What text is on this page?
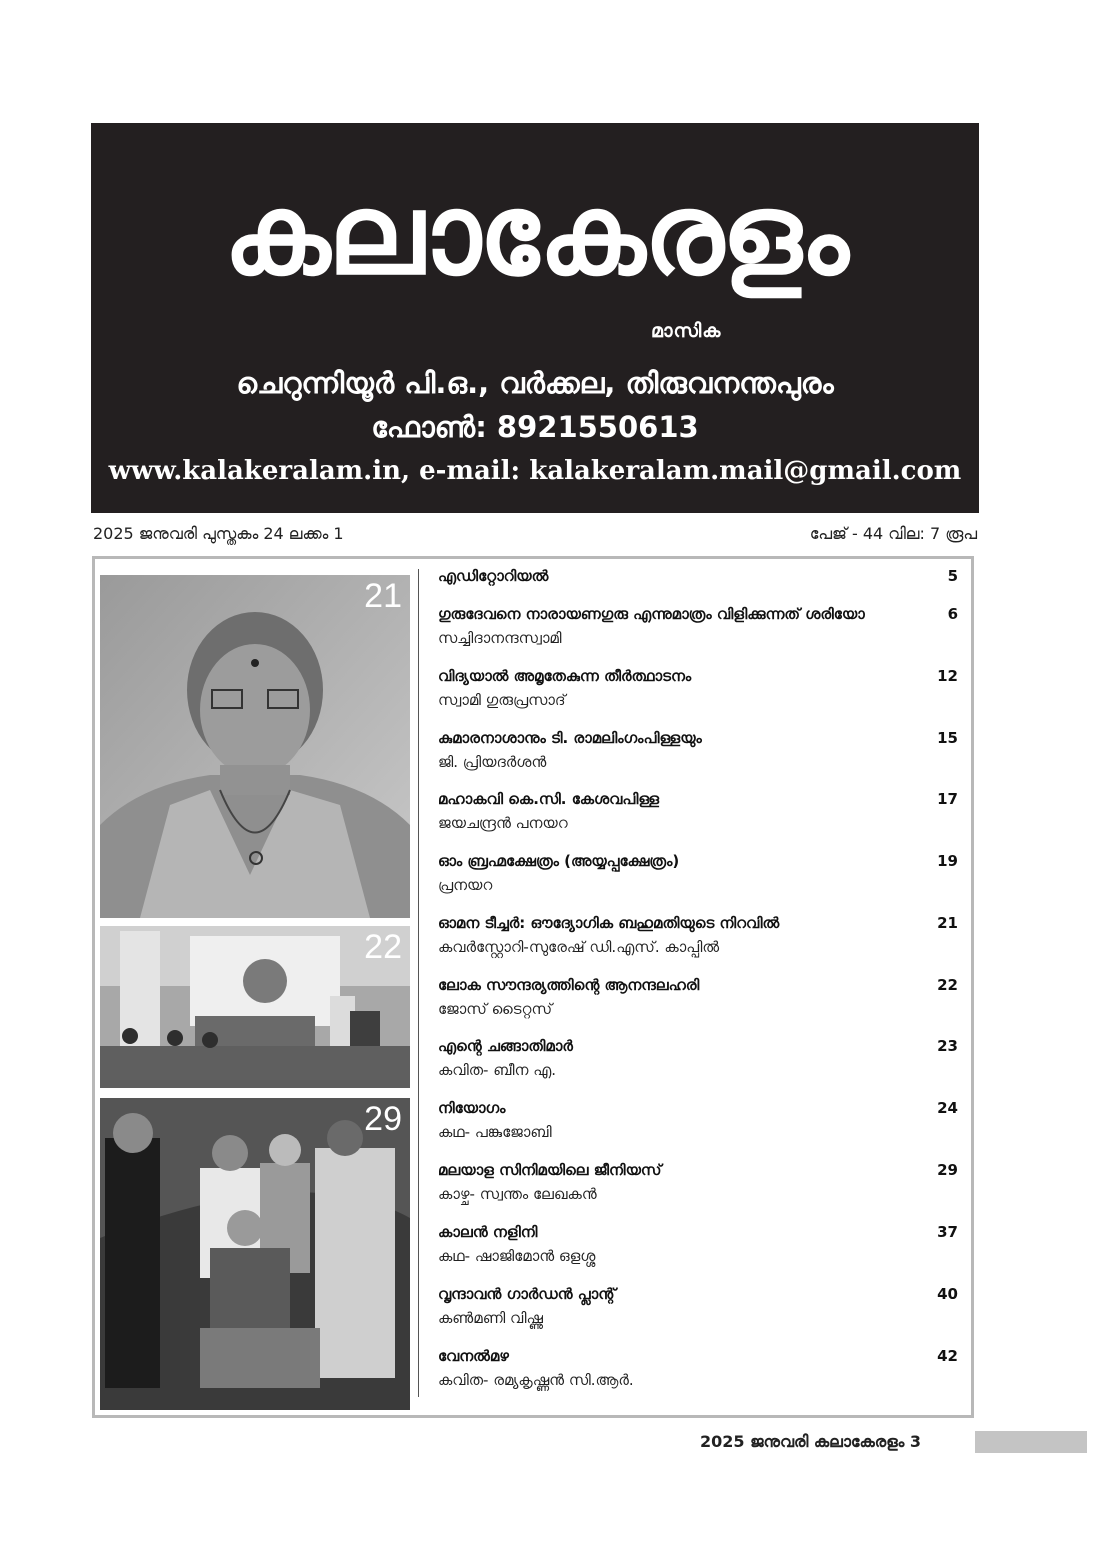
കലാകേരളം
മാസിക
ചെറുന്നിയൂർ പി.ഒ., വർക്കല, തിരുവനന്തപുരം
ഫോൺ: 8921550613
www.kalakeralam.in, e-mail: kalakeralam.mail@gmail.com
2025 ജനുവരി പുസ്തകം 24 ലക്കം 1	പേജ് - 44 വില: 7 രൂപ
21
22
29
എഡിറ്റോറിയൽ	5
ഗുരുദേവനെ നാരായണഗുരു എന്നുമാത്രം വിളിക്കുന്നത് ശരിയോ
സച്ചിദാനന്ദസ്വാമി
6
വിദ്യയാൽ അമൃതേകുന്ന തീർത്ഥാടനം
സ്വാമി ഗുരുപ്രസാദ്
12
കുമാരനാശാനും ടി. രാമലിംഗംപിള്ളയും
ജി. പ്രിയദർശൻ
15
മഹാകവി കെ.സി. കേശവപിള്ള
ജയചന്ദ്രൻ പനയറ
17
ഓം ബ്രഹ്മക്ഷേത്രം (അയ്യപ്പക്ഷേത്രം)
പ്രനയറ
19
ഓമന ടീച്ചർ: ഔദ്യോഗിക ബഹുമതിയുടെ നിറവിൽ
കവർസ്റ്റോറി-സുരേഷ് ഡി.എസ്. കാപ്പിൽ
21
ലോക സൗന്ദര്യത്തിന്റെ ആനന്ദലഹരി
ജോസ് ടൈറ്റസ്
22
എന്റെ ചങ്ങാതിമാർ
കവിത- ബീന എ.
23
നിയോഗം
കഥ- പങ്കുജോബി
24
മലയാള സിനിമയിലെ ജീനിയസ്
കാഴ്ച- സ്വന്തം ലേഖകൻ
29
കാലൻ നളിനി
കഥ- ഷാജിമോൻ ഒളശ്ശ
37
വൃന്ദാവൻ ഗാർഡൻ പ്ലാന്റ്
കൺമണി വിഷ്ണു
40
വേനൽമഴ
കവിത- രമ്യകൃഷ്ണൻ സി.ആർ.
42
2025 ജനുവരി കലാകേരളം 3
